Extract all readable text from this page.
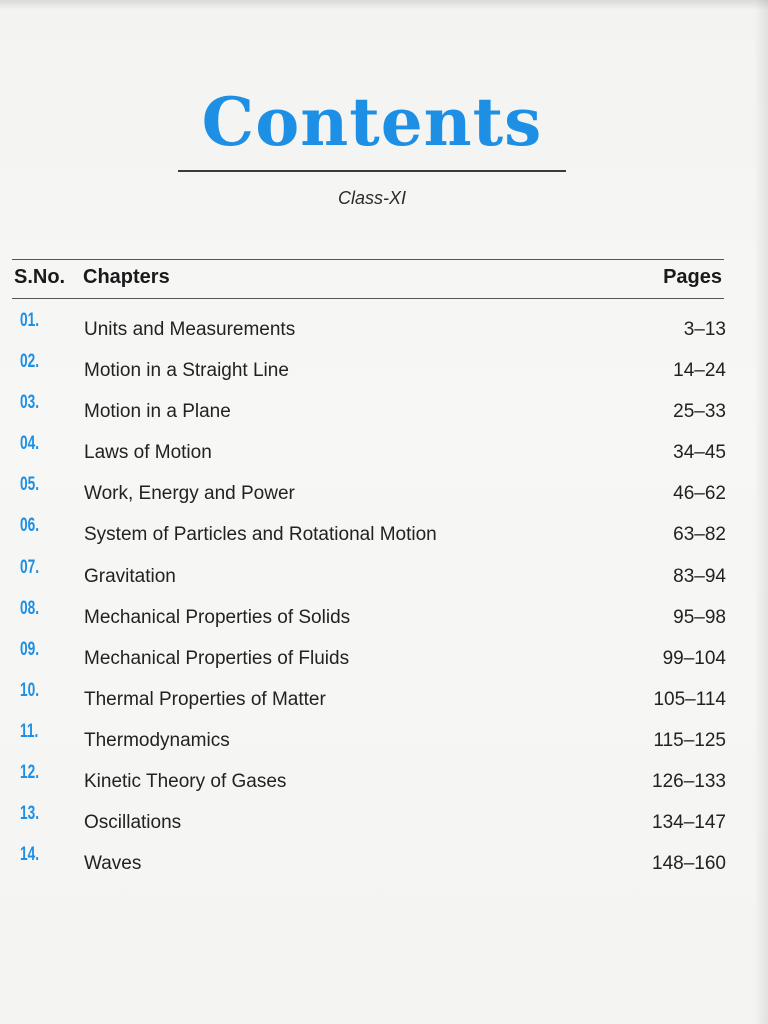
Contents
Class-XI
S.No. Chapters	Pages
01.	Units and Measurements	3–13
02.	Motion in a Straight Line	14–24
03.	Motion in a Plane	25–33
04.	Laws of Motion	34–45
05.	Work, Energy and Power	46–62
06.	System of Particles and Rotational Motion	63–82
07.	Gravitation	83–94
08.	Mechanical Properties of Solids	95–98
09.	Mechanical Properties of Fluids	99–104
10.	Thermal Properties of Matter	105–114
11.	Thermodynamics	115–125
12.	Kinetic Theory of Gases	126–133
13.	Oscillations	134–147
14.	Waves	148–160
